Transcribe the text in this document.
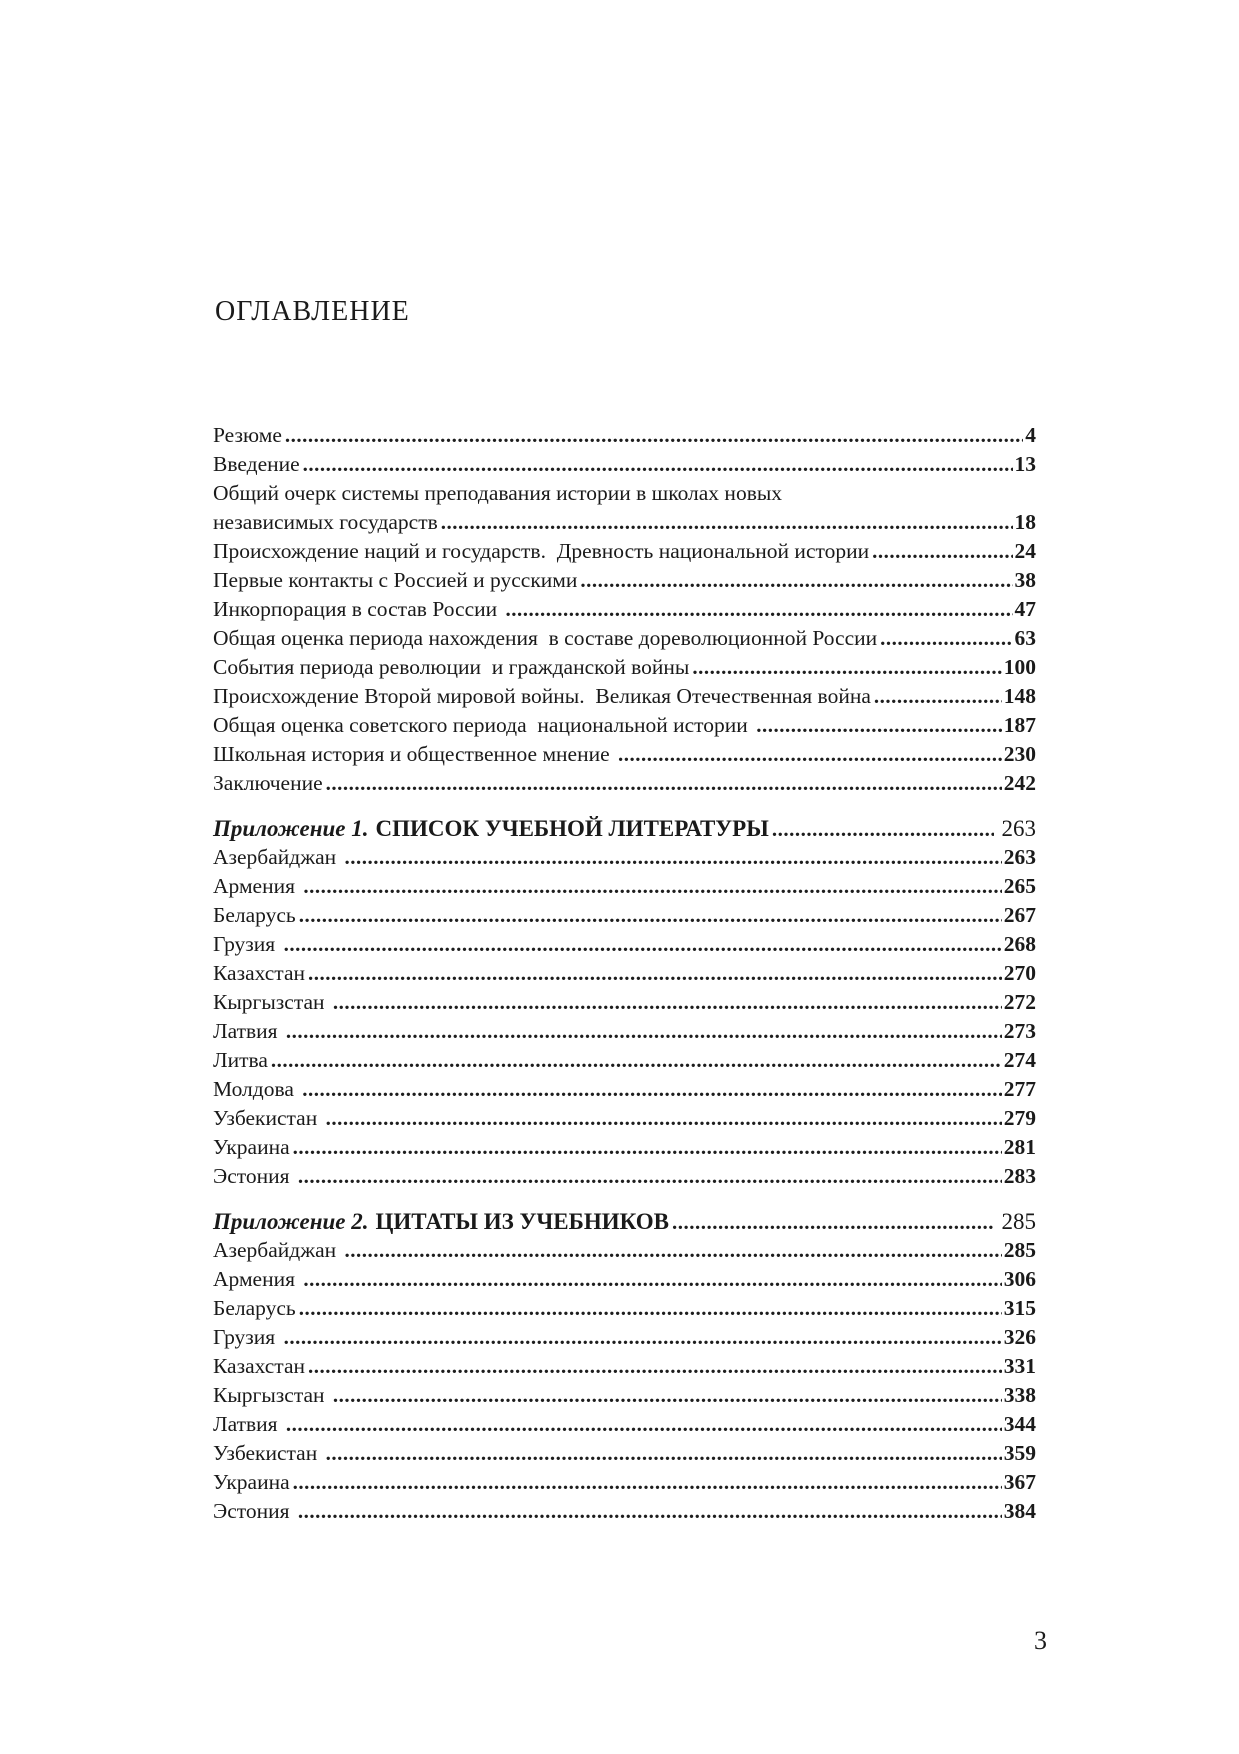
ОГЛАВЛЕНИЕ
Резюме .....	4
Введение .....	13
Общий очерк системы преподавания истории в школах новых
независимых государств .....	18
Происхождение наций и государств.  Древность национальной истории .....	24
Первые контакты с Россией и русскими .....	38
Инкорпорация в состав России .....	47
Общая оценка периода нахождения  в составе дореволюционной России .....	63
События периода революции  и гражданской войны .....	100
Происхождение Второй мировой войны.  Великая Отечественная война .....	148
Общая оценка советского периода  национальной истории .....	187
Школьная история и общественное мнение .....	230
Заключение .....	242
Приложение 1. СПИСОК УЧЕБНОЙ ЛИТЕРАТУРЫ .....	263
Азербайджан .....	263
Армения .....	265
Беларусь .....	267
Грузия .....	268
Казахстан .....	270
Кыргызстан .....	272
Латвия .....	273
Литва .....	274
Молдова .....	277
Узбекистан .....	279
Украина .....	281
Эстония .....	283
Приложение 2. ЦИТАТЫ ИЗ УЧЕБНИКОВ .....	285
Азербайджан .....	285
Армения .....	306
Беларусь .....	315
Грузия .....	326
Казахстан .....	331
Кыргызстан .....	338
Латвия .....	344
Узбекистан .....	359
Украина .....	367
Эстония .....	384
3
